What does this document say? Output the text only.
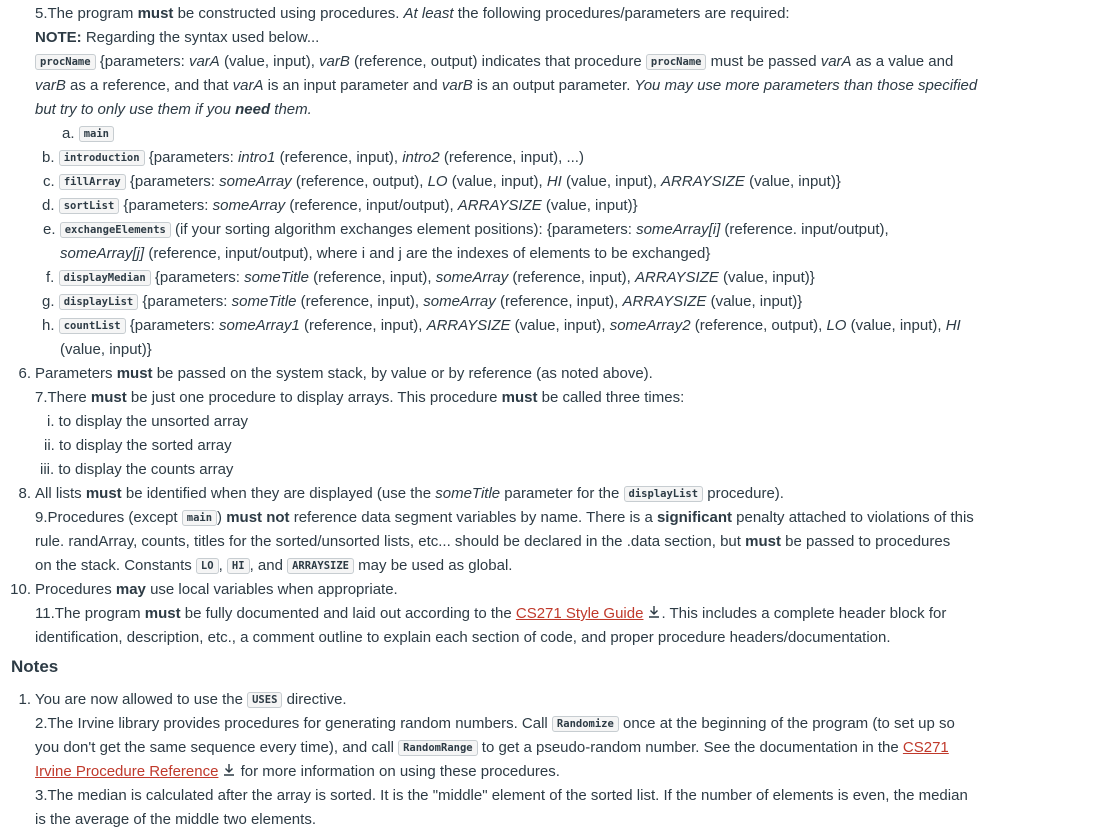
5.The program must be constructed using procedures. At least the following procedures/parameters are required:
NOTE: Regarding the syntax used below...
procName {parameters: varA (value, input), varB (reference, output) indicates that procedure procName must be passed varA as a value and
varB as a reference, and that varA is an input parameter and varB is an output parameter. You may use more parameters than those specified
but try to only use them if you need them.
a. main
b. introduction {parameters: intro1 (reference, input), intro2 (reference, input), ...)
c. fillArray {parameters: someArray (reference, output), LO (value, input), HI (value, input), ARRAYSIZE (value, input)}
d. sortList {parameters: someArray (reference, input/output), ARRAYSIZE (value, input)}
e. exchangeElements (if your sorting algorithm exchanges element positions): {parameters: someArray[i] (reference. input/output),
someArray[j] (reference, input/output), where i and j are the indexes of elements to be exchanged}
f. displayMedian {parameters: someTitle (reference, input), someArray (reference, input), ARRAYSIZE (value, input)}
g. displayList {parameters: someTitle (reference, input), someArray (reference, input), ARRAYSIZE (value, input)}
h. countList {parameters: someArray1 (reference, input), ARRAYSIZE (value, input), someArray2 (reference, output), LO (value, input), HI
(value, input)}
6. Parameters must be passed on the system stack, by value or by reference (as noted above).
7.There must be just one procedure to display arrays. This procedure must be called three times:
i. to display the unsorted array
ii. to display the sorted array
iii. to display the counts array
8. All lists must be identified when they are displayed (use the someTitle parameter for the displayList procedure).
9.Procedures (except main ) must not reference data segment variables by name. There is a significant penalty attached to violations of this
rule. randArray, counts, titles for the sorted/unsorted lists, etc... should be declared in the .data section, but must be passed to procedures
on the stack. Constants LO , HI , and ARRAYSIZE may be used as global.
10. Procedures may use local variables when appropriate.
11.The program must be fully documented and laid out according to the CS271 Style Guide . This includes a complete header block for
identification, description, etc., a comment outline to explain each section of code, and proper procedure headers/documentation.
Notes
1. You are now allowed to use the USES directive.
2.The Irvine library provides procedures for generating random numbers. Call Randomize once at the beginning of the program (to set up so
you don't get the same sequence every time), and call RandomRange to get a pseudo-random number. See the documentation in the CS271
Irvine Procedure Reference for more information on using these procedures.
3.The median is calculated after the array is sorted. It is the "middle" element of the sorted list. If the number of elements is even, the median
is the average of the middle two elements.
